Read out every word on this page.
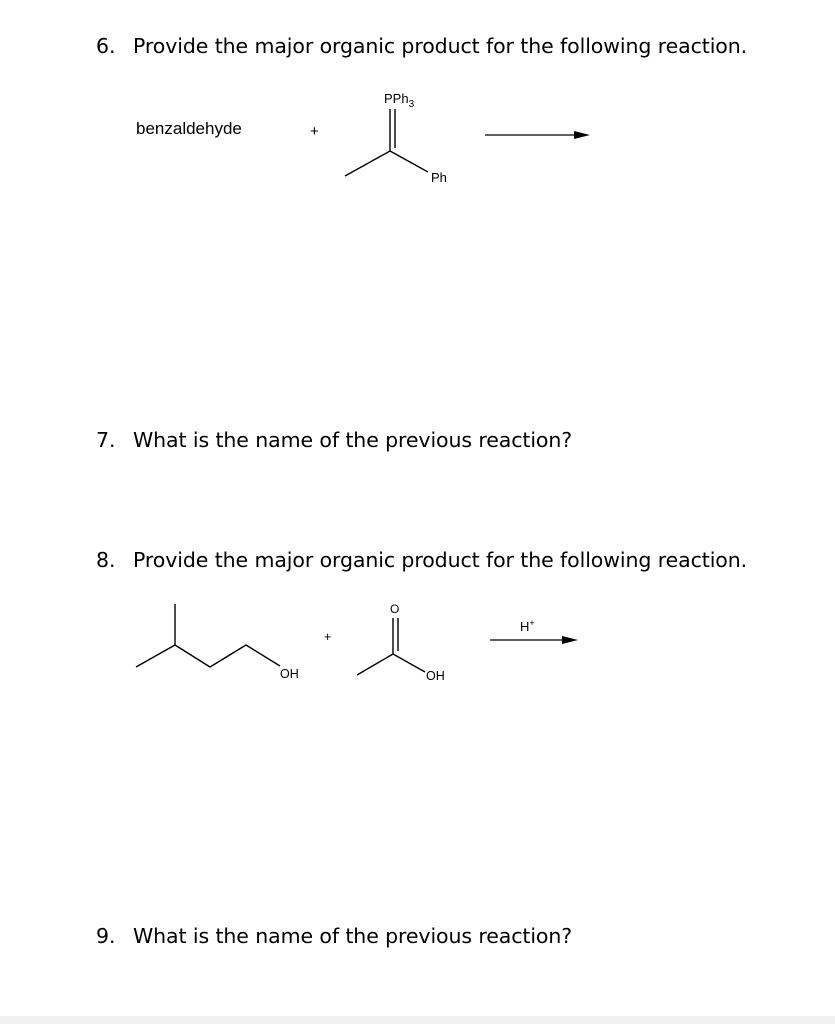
6. Provide the major organic product for the following reaction.
benzaldehyde	+
PPh$_3$
Ph
7. What is the name of the previous reaction?
8. Provide the major organic product for the following reaction.
OH
+
O
OH
H+
9. What is the name of the previous reaction?
